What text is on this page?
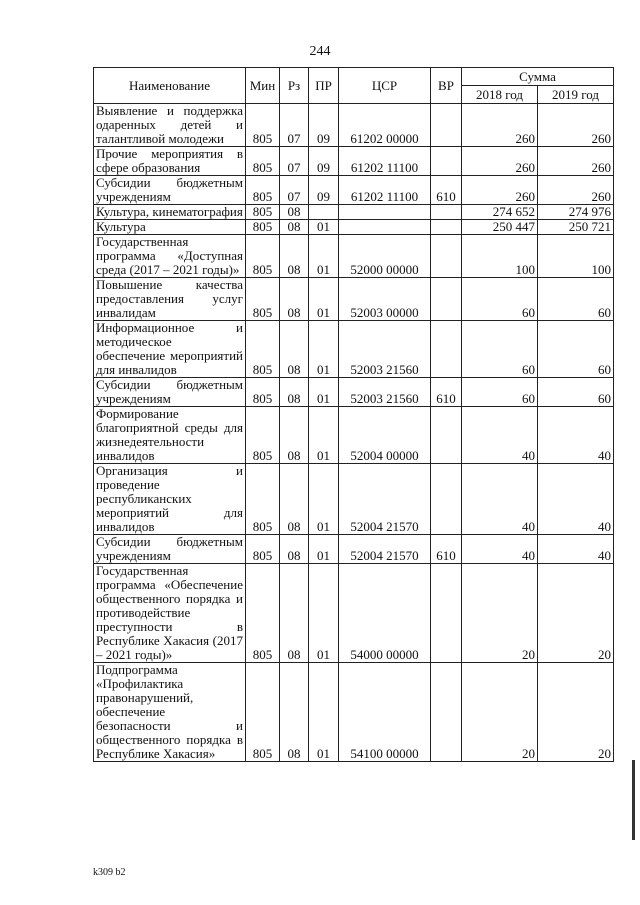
244
Наименование	Мин	Рз	ПР	ЦСР	ВР	Сумма	
						2018 год	2019 год
Выявление и поддержка одаренных детей и талантливой молодежи	805	07	09	61202 00000		260	260
Прочие мероприятия в сфере образования	805	07	09	61202 11100		260	260
Субсидии бюджетным учреждениям	805	07	09	61202 11100	610	260	260
Культура, кинематография	805	08				274 652	274 976
Культура	805	08	01			250 447	250 721
Государственная программа «Доступная среда (2017 – 2021 годы)»	805	08	01	52000 00000		100	100
Повышение качества предоставления услуг инвалидам	805	08	01	52003 00000		60	60
Информационное и методическое обеспечение мероприятий для инвалидов	805	08	01	52003 21560		60	60
Субсидии бюджетным учреждениям	805	08	01	52003 21560	610	60	60
Формирование благоприятной среды для жизнедеятельности инвалидов	805	08	01	52004 00000		40	40
Организация и проведение республиканских мероприятий для инвалидов	805	08	01	52004 21570		40	40
Субсидии бюджетным учреждениям	805	08	01	52004 21570	610	40	40
Государственная программа «Обеспечение общественного порядка и противодействие преступности в Республике Хакасия (2017 – 2021 годы)»	805	08	01	54000 00000		20	20
Подпрограмма «Профилактика правонарушений, обеспечение безопасности и общественного порядка в Республике Хакасия»	805	08	01	54100 00000		20	20
k309 b2
